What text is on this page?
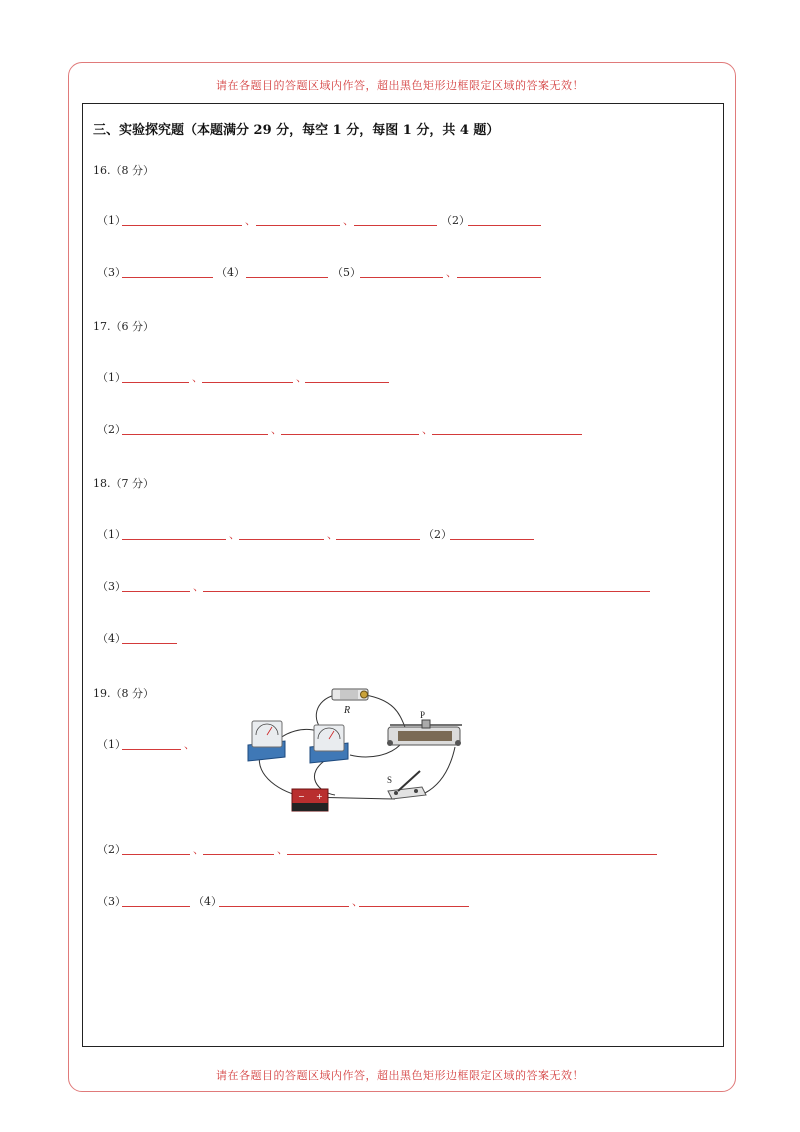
请在各题目的答题区域内作答，超出黑色矩形边框限定区域的答案无效！
三、实验探究题（本题满分 29 分，每空 1 分，每图 1 分，共 4 题）
16.（8 分）
（1）	、	、	（2）
（3）	（4）	（5）	、
17.（6 分）
（1）	、	、
（2）	、	、
18.（7 分）
（1）	、	、	（2）
（3）	、
（4）
19.（8 分）
（1）	、
R	P
− +
S
（2）	、	、
（3）	（4）	、
请在各题目的答题区域内作答，超出黑色矩形边框限定区域的答案无效！
